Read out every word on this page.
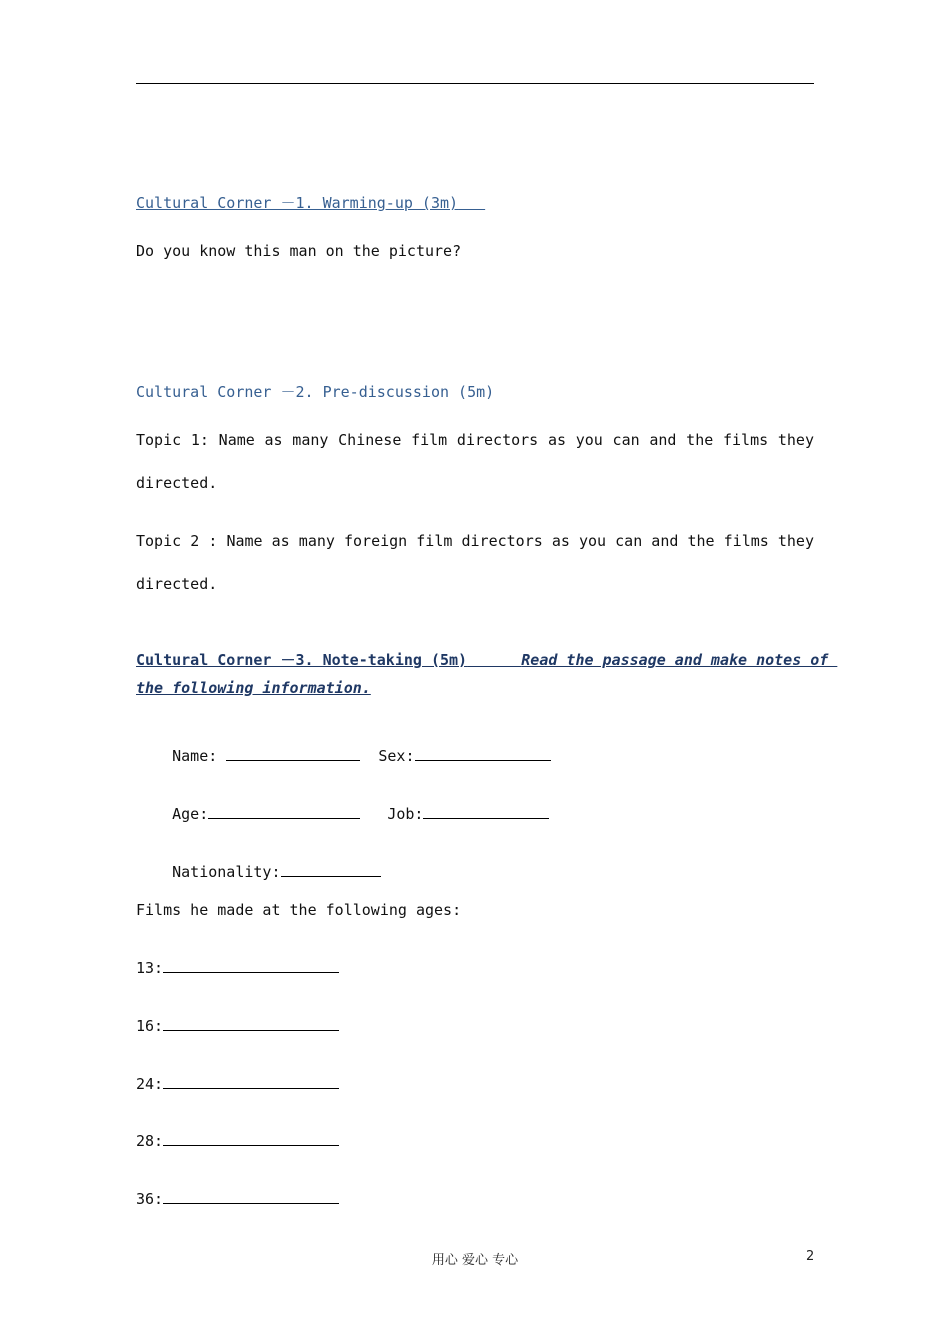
Cultural Corner －1. Warming-up (3m)
Do you know this man on the picture?
Cultural Corner －2. Pre-discussion (5m)
Topic 1: Name as many Chinese film directors as you can and the films they
directed.
Topic 2 : Name as many foreign film directors as you can and the films they
directed.
Cultural Corner －3. Note-taking (5m)	Read the passage and make notes of
the following information.

Name:	Sex:

Age:	Job:

Nationality:

Films he made at the following ages:
13:
16:
24:
28:
36:
用心 爱心 专心	2
